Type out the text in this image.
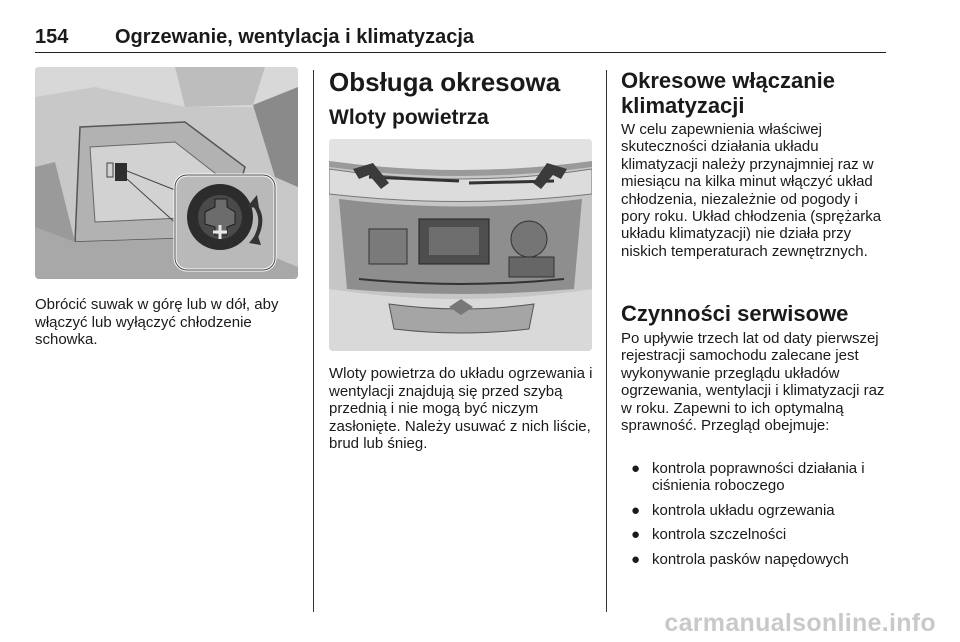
154 Ogrzewanie, wentylacja i klimatyzacja
Obrócić suwak w górę lub w dół, aby włączyć lub wyłączyć chłodzenie schowka.
Obsługa okresowa
Wloty powietrza
Wloty powietrza do układu ogrzewania i wentylacji znajdują się przed szybą przednią i nie mogą być niczym zasłonięte. Należy usuwać z nich liście, brud lub śnieg.
Okresowe włączanie klimatyzacji
W celu zapewnienia właściwej skuteczności działania układu klimatyzacji należy przynajmniej raz w miesiącu na kilka minut włączyć układ chłodzenia, niezależnie od pogody i pory roku. Układ chłodzenia (sprężarka układu klimatyzacji) nie działa przy niskich temperaturach zewnętrznych.
Czynności serwisowe
Po upływie trzech lat od daty pierwszej rejestracji samochodu zalecane jest wykonywanie przeglądu układów ogrzewania, wentylacji i klimatyzacji raz w roku. Zapewni to ich optymalną sprawność. Przegląd obejmuje:
● kontrola poprawności działania i ciśnienia roboczego
● kontrola układu ogrzewania
● kontrola szczelności
● kontrola pasków napędowych
carmanualsonline.info
